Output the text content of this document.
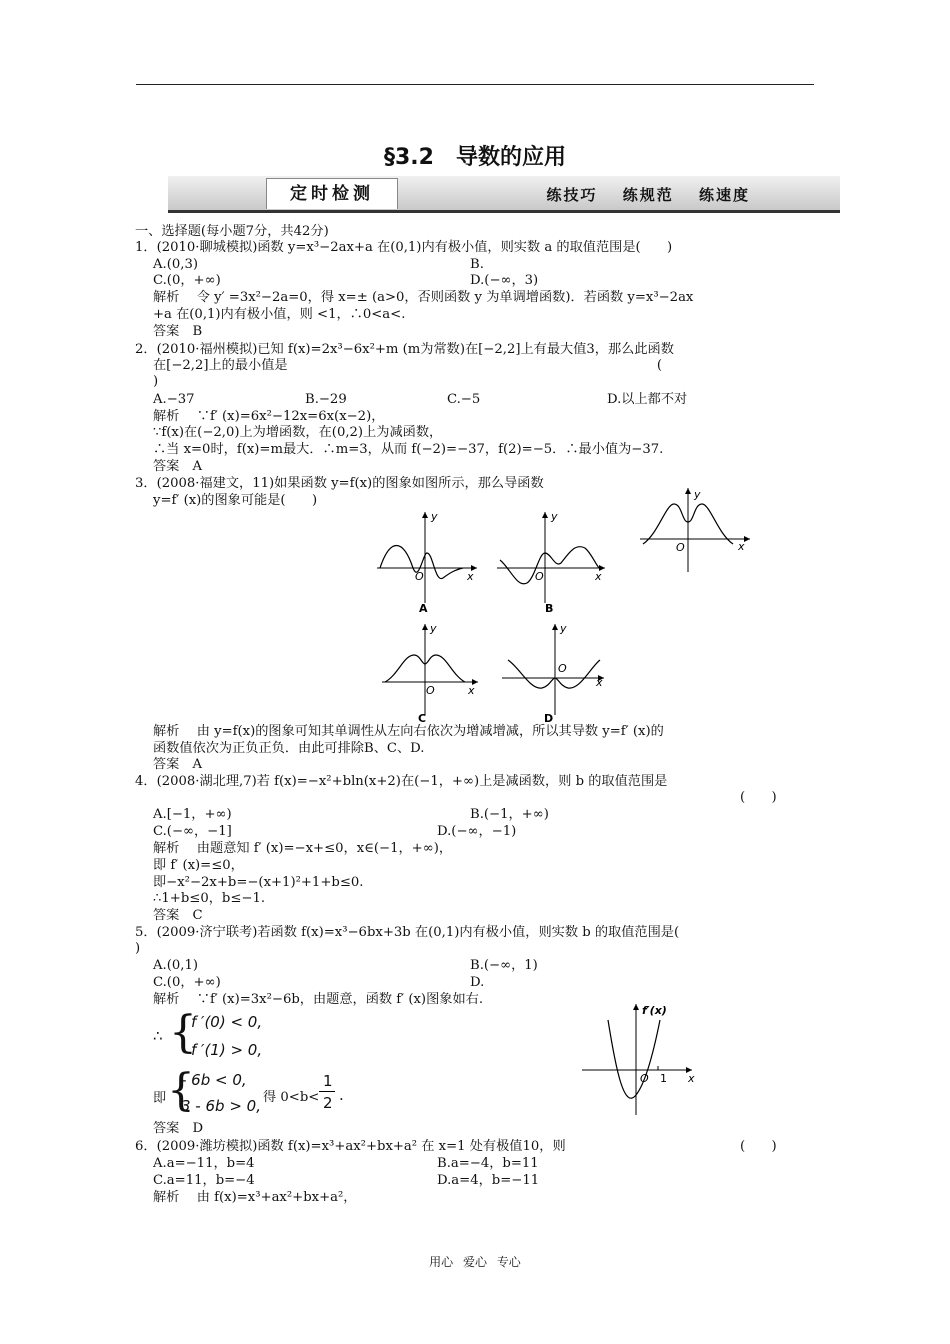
§3.2　导数的应用
定时检测	练技巧 练规范 练速度
一、选择题(每小题7分，共42分)
1．(2010·聊城模拟)函数 y=x³−2ax+a 在(0,1)内有极小值，则实数 a 的取值范围是(　　)
A.(0,3)	B.
C.(0，+∞)	D.(−∞，3)
解析　 令 y′ =3x²−2a=0，得 x=± (a>0，否则函数 y 为单调增函数)．若函数 y=x³−2ax
+a 在(0,1)内有极小值，则 <1，∴0<a<.
答案　B
2．(2010·福州模拟)已知 f(x)=2x³−6x²+m (m为常数)在[−2,2]上有最大值3，那么此函数
在[−2,2]上的最小值是　　　　　　　　　　　　　　　　　　　　　　　　　　　　(
)
A.−37	B.−29	C.−5	D.以上都不对
解析　 ∵f′ (x)=6x²−12x=6x(x−2)，
∵f(x)在(−2,0)上为增函数，在(0,2)上为减函数，
∴当 x=0时，f(x)=m最大．∴m=3，从而 f(−2)=−37，f(2)=−5．∴最小值为−37.
答案　A
3．(2008·福建文，11)如果函数 y=f(x)的图象如图所示，那么导函数
y=f′ (x)的图象可能是(　　)
解析　 由 y=f(x)的图象可知其单调性从左向右依次为增减增减，所以其导数 y=f′ (x)的
函数值依次为正负正负．由此可排除B、C、D.
答案　A
4．(2008·湖北理,7)若 f(x)=−x²+bln(x+2)在(−1，+∞)上是减函数，则 b 的取值范围是
(　　)
A.[−1，+∞)	B.(−1，+∞)
C.(−∞，−1]	D.(−∞，−1)
解析　 由题意知 f′ (x)=−x+≤0，x∈(−1，+∞)，
即 f′ (x)=≤0，
即−x²−2x+b=−(x+1)²+1+b≤0.
∴1+b≤0，b≤−1.
答案　C
5．(2009·济宁联考)若函数 f(x)=x³−6bx+3b 在(0,1)内有极小值，则实数 b 的取值范围是(
)
A.(0,1)	B.(−∞，1)
C.(0，+∞)	D.
解析　 ∵f′ (x)=3x²−6b，由题意，函数 f′ (x)图象如右.
答案　D
6．(2009·潍坊模拟)函数 f(x)=x³+ax²+bx+a² 在 x=1 处有极值10，则	(　　)
A.a=−11，b=4	B.a=−4，b=11
C.a=11，b=−4	D.a=4，b=−11
解析　 由 f(x)=x³+ax²+bx+a²，
y
x
O
y
x
O
A
y
x
O
B
y
x
O
C
y
x
O
D
∴ {
f ′(0) < 0,
f ′(1) > 0,
即 {
- 6b < 0,
3 - 6b > 0, 得 0<b<
1
2 .
f′(x)
O 1 x
用心 爱心 专心
